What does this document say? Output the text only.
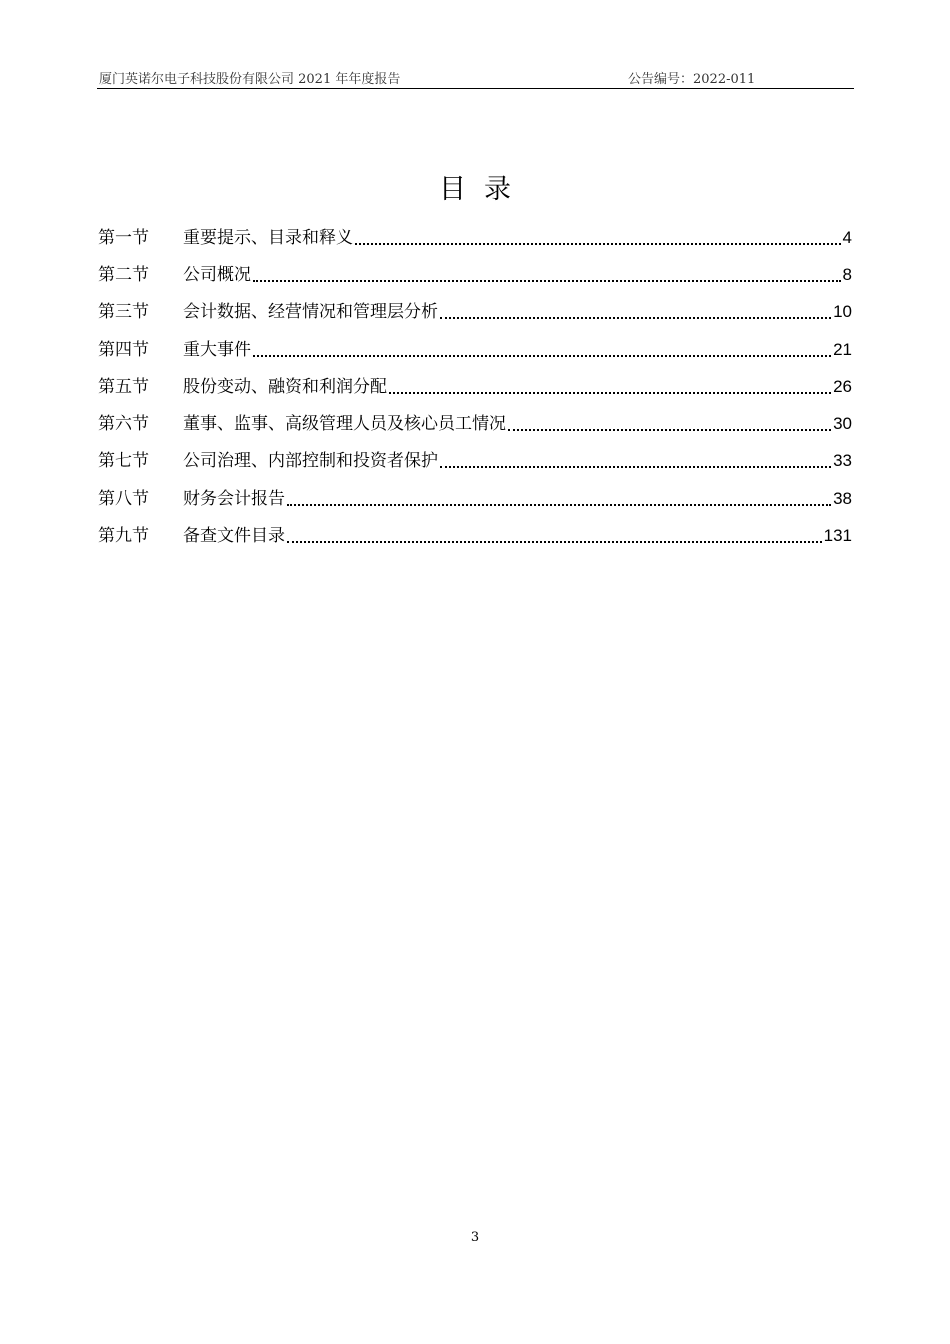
厦门英诺尔电子科技股份有限公司 2021 年年度报告	公告编号：2022-011
目录
第一节	重要提示、目录和释义	4
第二节	公司概况	8
第三节	会计数据、经营情况和管理层分析	10
第四节	重大事件	21
第五节	股份变动、融资和利润分配	26
第六节	董事、监事、高级管理人员及核心员工情况	30
第七节	公司治理、内部控制和投资者保护	33
第八节	财务会计报告	38
第九节	备查文件目录	131
3
